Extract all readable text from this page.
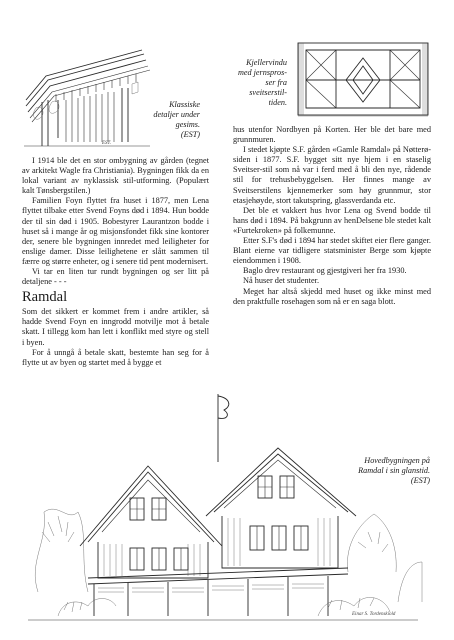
EST.
Klassiske
detaljer under
gesims.
(EST)
Kjellervindu
med jernspros-
ser fra
sveitserstil-
tiden.

I 1914 ble det en stor ombygning av gården (tegnet av arkitekt Wagle fra Christiania). Bygningen fikk da en lokal variant av nyklassisk stil-utforming. (Populært kalt Tønsbergstilen.)

Familien Foyn flyttet fra huset i 1877, men Lena flyttet tilbake etter Svend Foyns død i 1894. Hun bodde der til sin død i 1905. Bobestyrer Laurantzon bodde i huset så i mange år og misjonsfondet fikk sine kontorer der, senere ble bygningen innredet med leiligheter for enslige damer. Disse leilighetene er slått sammen til færre og større enheter, og i senere tid pent modernisert.

Vi tar en liten tur rundt bygningen og ser litt på detaljene - - -

Ramdal

Som det sikkert er kommet frem i andre artikler, så hadde Svend Foyn en inngrodd motvilje mot å betale skatt. I tillegg kom han lett i konflikt med styre og stell i byen.

For å unngå å betale skatt, bestemte han seg for å flytte ut av byen og startet med å bygge et

hus utenfor Nordbyen på Korten. Her ble det bare med grunnmuren.

I stedet kjøpte S.F. gården «Gamle Ramdal» på Nøtterø-siden i 1877. S.F. bygget sitt nye hjem i en staselig Sveitser-stil som nå var i ferd med å bli den nye, rådende stil for trehusbebyggelsen. Her finnes mange av Sveitserstilens kjennemerker som høy grunnmur, stor etasjehøyde, stort takutspring, glassverdanda etc.

Det ble et vakkert hus hvor Lena og Svend bodde til hans død i 1894. På bakgrunn av henDelsene ble stedet kalt «Furtekroken» på folkemunne.

Etter S.F's død i 1894 har stedet skiftet eier flere ganger. Blant eierne var tidligere statsminister Berge som kjøpte eiendommen i 1908.

Baglo drev restaurant og gjestgiveri her fra 1930.

Nå huser det studenter.

Meget har altså skjedd med huset og ikke minst med den praktfulle rosehagen som nå er en saga blott.

Hovedbygningen på
Ramdal i sin glanstid.
(EST)
Einar S. Tordenskiold
